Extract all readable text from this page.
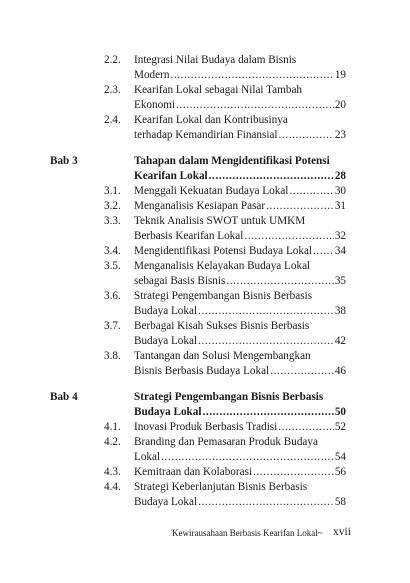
2.2. Integrasi Nilai Budaya dalam Bisnis
Modern .....	19
2.3. Kearifan Lokal sebagai Nilai Tambah
Ekonomi .....	20
2.4. Kearifan Lokal dan Kontribusinya
terhadap Kemandirian Finansial .....	23
Bab 3	Tahapan dalam Mengidentifikasi Potensi
Kearifan Lokal .....	28
3.1. Menggali Kekuatan Budaya Lokal .....	30
3.2. Menganalisis Kesiapan Pasar .....	31
3.3. Teknik Analisis SWOT untuk UMKM
Berbasis Kearifan Lokal .....	32
3.4. Mengidentifikasi Potensi Budaya Lokal ..... 34
3.5. Menganalisis Kelayakan Budaya Lokal
sebagai Basis Bisnis .....	35
3.6. Strategi Pengembangan Bisnis Berbasis
Budaya Lokal .....	38
3.7. Berbagai Kisah Sukses Bisnis Berbasis
Budaya Lokal .....	42
3.8. Tantangan dan Solusi Mengembangkan
Bisnis Berbasis Budaya Lokal .....	46
Bab 4	Strategi Pengembangan Bisnis Berbasis
Budaya Lokal .....	50
4.1. Inovasi Produk Berbasis Tradisi .....	52
4.2. Branding dan Pemasaran Produk Budaya
Lokal .....	54
4.3. Kemitraan dan Kolaborasi .....	56
4.4. Strategi Keberlanjutan Bisnis Berbasis
Budaya Lokal .....	58
Kewirausahaan Berbasis Kearifan Lokal~ xvii
